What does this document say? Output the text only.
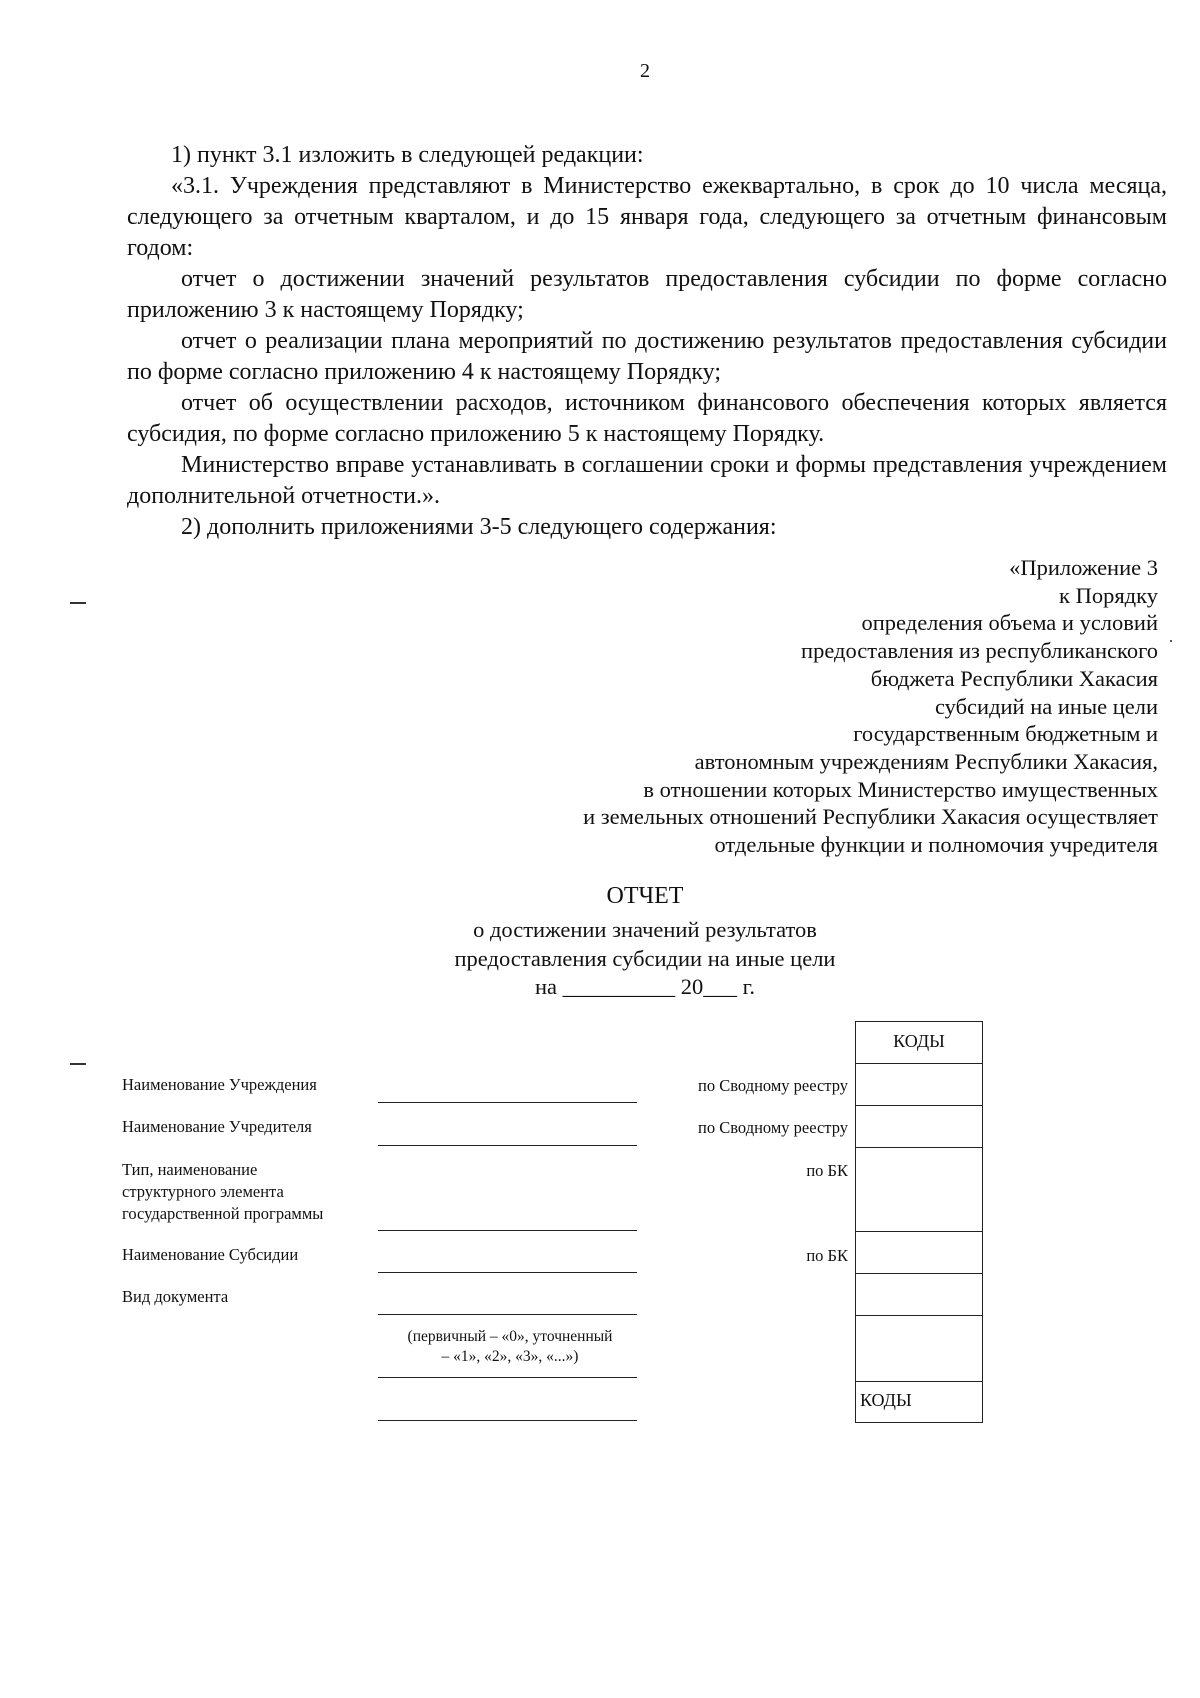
2

1) пункт 3.1 изложить в следующей редакции:

«3.1. Учреждения представляют в Министерство ежеквартально, в срок до 10 числа месяца, следующего за отчетным кварталом, и до 15 января года, следующего за отчетным финансовым годом:

отчет о достижении значений результатов предоставления субсидии по форме согласно приложению 3 к настоящему Порядку;

отчет о реализации плана мероприятий по достижению результатов предоставления субсидии по форме согласно приложению 4 к настоящему Порядку;

отчет об осуществлении расходов, источником финансового обеспечения которых является субсидия, по форме согласно приложению 5 к настоящему Порядку.

Министерство вправе устанавливать в соглашении сроки и формы представления учреждением дополнительной отчетности.».

2) дополнить приложениями 3-5 следующего содержания:

«Приложение 3
к Порядку
определения объема и условий
предоставления из республиканского
бюджета Республики Хакасия
субсидий на иные цели
государственным бюджетным и
автономным учреждениям Республики Хакасия,
в отношении которых Министерство имущественных
и земельных отношений Республики Хакасия осуществляет
отдельные функции и полномочия учредителя
ОТЧЕТ
о достижении значений результатов
предоставления субсидии на иные цели
на __________ 20___ г.
Наименование Учреждения
Наименование Учредителя
Тип, наименование
структурного элемента
государственной программы
Наименование Субсидии
Вид документа
(первичный – «0», уточненный
– «1», «2», «3», «...»)
по Сводному реестру
по Сводному реестру
по БК
по БК
КОДЫ
КОДЫ
